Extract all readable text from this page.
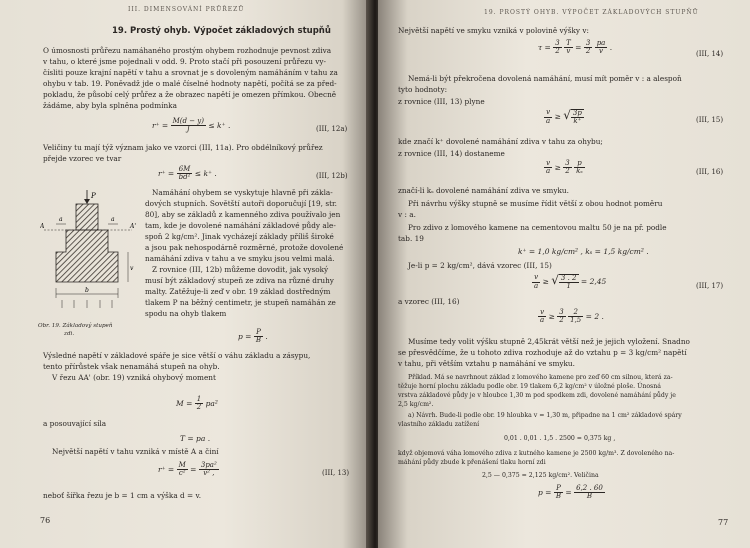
III. DIMENSOVÁNÍ PRŮŘEZŮ
19. Prostý ohyb. Výpočet základových stupňů
O úmosnosti průřezu namáhaného prostým ohybem rozhodnuje pevnost zdiva
v tahu, o které jsme pojednali v odd. 9. Proto stačí při posouzení průřezu vy-
čísliti pouze krajní napětí v tahu a srovnat je s dovoleným namáháním v tahu za
ohybu v tab. 19. Poněvadž jde o malé číselné hodnoty napětí, počítá se za před-
pokladu, že působí celý průřez a že obrazec napětí je omezen přímkou. Obecně
žádáme, aby byla splněna podmínka
$r^+ = \frac{M(d - y)}{J} \le k^+$ .	(III, 12a)
Veličiny tu mají týž význam jako ve vzorci (III, 11a). Pro obdélníkový průřez
přejde vzorec ve tvar
$r^+ = \frac{6M}{\text{bd²}} \le k^+$ .	(III, 12b)
P
a	a
A	A'
v
b
Obr. 19. Základový stupeň
zdi.
Namáhání ohybem se vyskytuje hlavně při zákla-
dových stupních. Sovětští autoři doporučují [19, str.
80], aby se základů z kamenného zdiva používalo jen
tam, kde je dovolené namáhání základové půdy ale-
spoň 2 kg/cm². Jinak vycházejí základy příliš široké
a jsou pak nehospodárně rozměrné, protože dovolené
namáhání zdiva v tahu a ve smyku jsou velmi malá.
Z rovnice (III, 12b) můžeme dovodit, jak vysoký
musí být základový stupeň ze zdiva na různé druhy
malty. Zatěžuje-li zeď v obr. 19 základ dostředným
tlakem P na běžný centimetr, je stupeň namáhán ze
spodu na ohyb tlakem
$p = \frac{P}{B}$ .
Výsledné napětí v základové spáře je sice větší o váhu základu a zásypu,
tento přírůstek však nenamáhá stupeň na ohyb.
V řezu AA' (obr. 19) vzniká ohybový moment
$M = \frac{1}{2} pa^2$
a posouvající síla
T = pa .
Největší napětí v tahu vzniká v místě A a činí
$r^+ = \frac{M}{\text{c²}} = \frac{\text{3pa²}}{\text{v² ,}}$	(III, 13)
neboť šířka řezu je b = 1 cm a výška d = v.
76
19. PROSTÝ OHYB. VÝPOČET ZÁKLADOVÝCH STUPŇŮ
Největší napětí ve smyku vzniká v polovině výšky v:
$\tau = \frac{3}{2}$
$\frac{T}{v} = \frac{3}{2}$
$\frac{pa}{v}$ .
(III, 14)
Nemá-li být překročena dovolená namáhání, musí mít poměr v : a alespoň
tyto hodnoty:
z rovnice (III, 13) plyne
$\frac{v}{a}$ ≥ √ $\frac{3p}{k^+}$	(III, 15)
kde značí k⁺ dovolené namáhání zdiva v tahu za ohybu;
z rovnice (III, 14) dostaneme
$\frac{v}{a} \ge \frac{3}{2}$
$\frac{p}{\text{kₛ}}$	(III, 16)
značí-li kₛ dovolené namáhání zdiva ve smyku.
Při návrhu výšky stupně se musíme řídit větší z obou hodnot poměru
v : a.
Pro zdivo z lomového kamene na cementovou maltu 50 je na př. podle
tab. 19
k⁺ = 1,0 kg/cm² , kₛ = 1,5 kg/cm² .
Je-li p = 2 kg/cm², dává vzorec (III, 15)
$\frac{v}{a}$ ≥ √ $\frac{3 . 2}{1} = 2,45$	(III, 17)
a vzorec (III, 16)
$\frac{v}{a} \ge \frac{3}{2}$
$\frac{2}{1,5} = 2$ .
Musíme tedy volit výšku stupně 2,45krát větší než je jejich vyložení. Snadno
se přesvědčíme, že u tohoto zdiva rozhoduje až do vztahu p = 3 kg/cm² napětí
v tahu, při větším vztahu p namáhání ve smyku.
Příklad. Má se navrhnout základ z lomového kamene pro zeď 60 cm silnou, která za-
těžuje horní plochu základu podle obr. 19 tlakem 6,2 kg/cm² v úložné ploše. Únosná
vrstva základové půdy je v hloubce 1,30 m pod spodkem zdi, dovolené namáhání půdy je
2,5 kg/cm².
a) Návrh. Bude-li podle obr. 19 hloubka v = 1,30 m, připadne na 1 cm² základové spáry
vlastního základu zatížení
0,01 . 0,01 . 1,5 . 2500 = 0,375 kg ,
když objemová váha lomového zdiva z kutného kamene je 2500 kg/m³. Z dovoleného na-
máhání půdy zbude k přenášení tlaku horní zdi
2,5 — 0,375 = 2,125 kg/cm². Veličina
$p = \frac{P}{B} = \frac{6,2 . 60}{B}$
77
